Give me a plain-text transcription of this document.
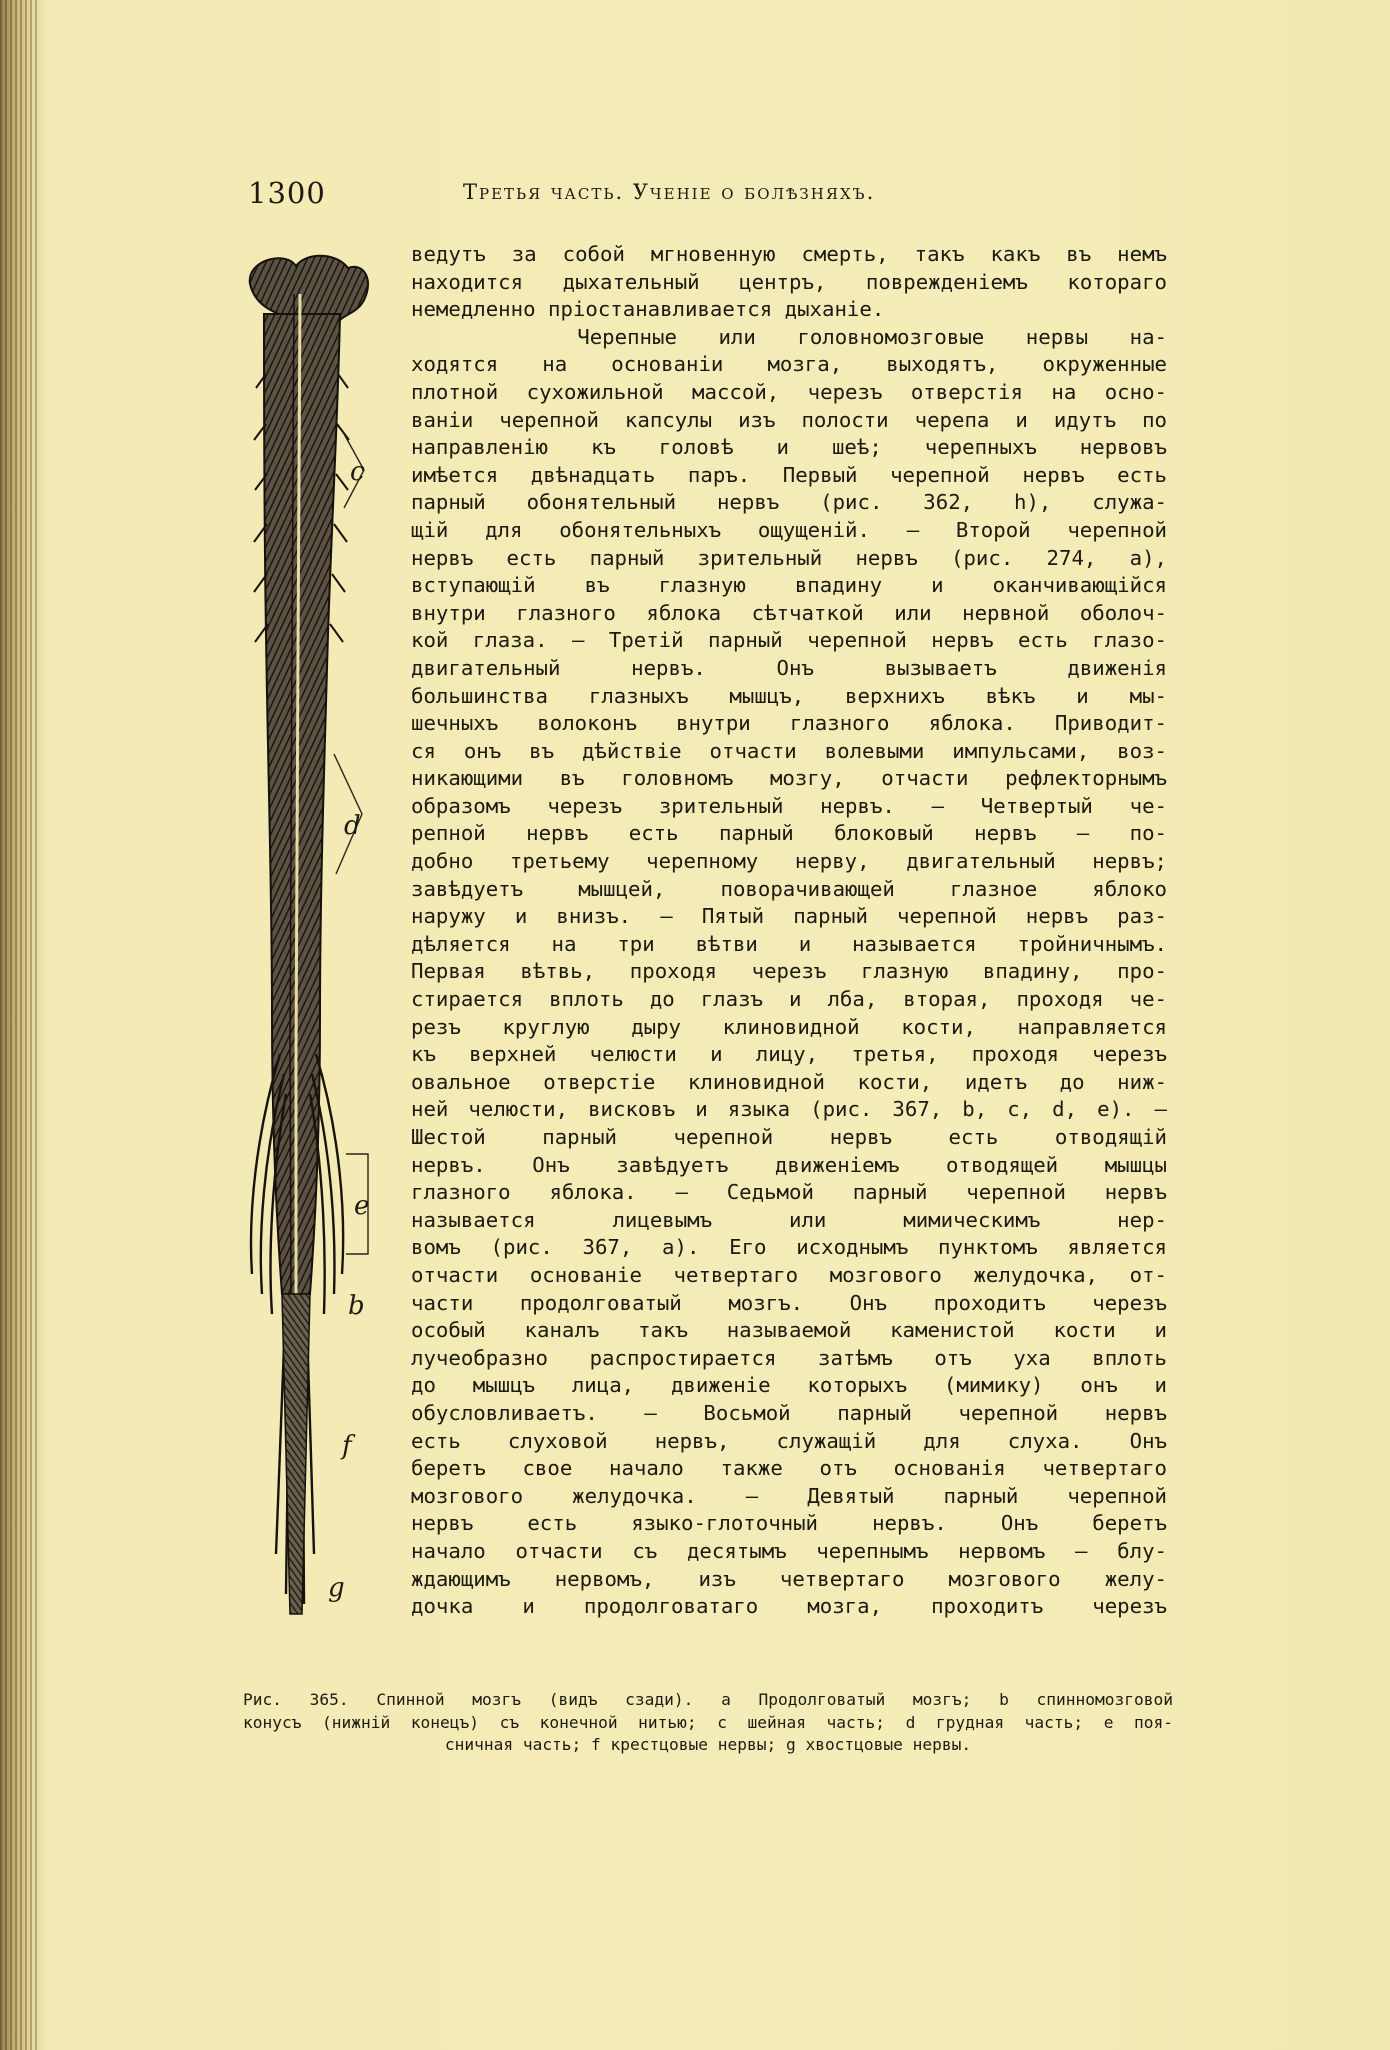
1300	Третья часть. Ученіе о болѣзняхъ.
c
d
e
b
f
g
ведутъ за собой мгновенную смерть, такъ какъ въ немъ
находится дыхательный центръ, поврежденіемъ котораго
немедленно пріостанавливается дыханіе.
Черепные или головномозговые нервы на-
ходятся на основаніи мозга, выходятъ, окруженные
плотной сухожильной массой, черезъ отверстія на осно-
ваніи черепной капсулы изъ полости черепа и идутъ по
направленію къ головѣ и шеѣ; черепныхъ нервовъ
имѣется двѣнадцать паръ. Первый черепной нервъ есть
парный обонятельный нервъ (рис. 362, h), служа-
щій для обонятельныхъ ощущеній. — Второй черепной
нервъ есть парный зрительный нервъ (рис. 274, a),
вступающій въ глазную впадину и оканчивающійся
внутри глазного яблока сѣтчаткой или нервной оболоч-
кой глаза. — Третій парный черепной нервъ есть глазо-
двигательный нервъ. Онъ вызываетъ движенія
большинства глазныхъ мышцъ, верхнихъ вѣкъ и мы-
шечныхъ волоконъ внутри глазного яблока. Приводит-
ся онъ въ дѣйствіе отчасти волевыми импульсами, воз-
никающими въ головномъ мозгу, отчасти рефлекторнымъ
образомъ черезъ зрительный нервъ. — Четвертый че-
репной нервъ есть парный блоковый нервъ — по-
добно третьему черепному нерву, двигательный нервъ;
завѣдуетъ мышцей, поворачивающей глазное яблоко
наружу и внизъ. — Пятый парный черепной нервъ раз-
дѣляется на три вѣтви и называется тройничнымъ.
Первая вѣтвь, проходя черезъ глазную впадину, про-
стирается вплоть до глазъ и лба, вторая, проходя че-
резъ круглую дыру клиновидной кости, направляется
къ верхней челюсти и лицу, третья, проходя черезъ
овальное отверстіе клиновидной кости, идетъ до ниж-
ней челюсти, висковъ и языка (рис. 367, b, c, d, e). —
Шестой парный черепной нервъ есть отводящій
нервъ. Онъ завѣдуетъ движеніемъ отводящей мышцы
глазного яблока. — Седьмой парный черепной нервъ
называется лицевымъ или мимическимъ нер-
вомъ (рис. 367, a). Его исходнымъ пунктомъ является
отчасти основаніе четвертаго мозгового желудочка, от-
части продолговатый мозгъ. Онъ проходитъ черезъ
особый каналъ такъ называемой каменистой кости и
лучеобразно распростирается затѣмъ отъ уха вплоть
до мышцъ лица, движеніе которыхъ (мимику) онъ и
обусловливаетъ. — Восьмой парный черепной нервъ
есть слуховой нервъ, служащій для слуха. Онъ
беретъ свое начало также отъ основанія четвертаго
мозгового желудочка. — Девятый парный черепной
нервъ есть языко-глоточный нервъ. Онъ беретъ
начало отчасти съ десятымъ черепнымъ нервомъ — блу-
ждающимъ нервомъ, изъ четвертаго мозгового желу-
дочка и продолговатаго мозга, проходитъ черезъ
Рис. 365. Спинной мозгъ (видъ сзади). a Продолговатый мозгъ; b спинномозговой
конусъ (нижній конецъ) съ конечной нитью; c шейная часть; d грудная часть; e поя-
сничная часть; f крестцовые нервы; g хвостцовые нервы.
